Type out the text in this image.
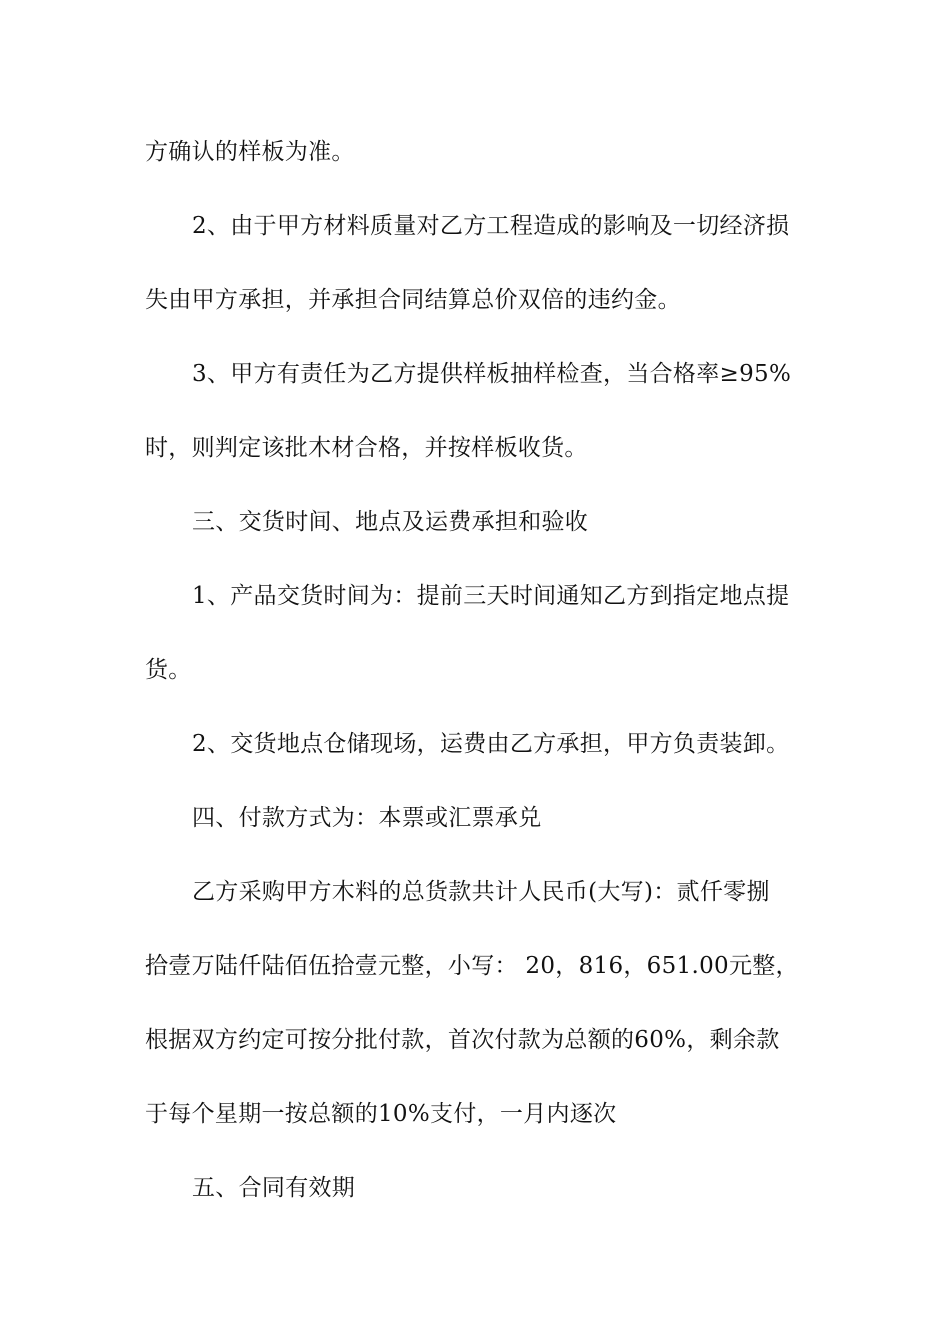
方确认的样板为准。
2、由于甲方材料质量对乙方工程造成的影响及一切经济损
失由甲方承担，并承担合同结算总价双倍的违约金。
3、甲方有责任为乙方提供样板抽样检查，当合格率≥95%
时，则判定该批木材合格，并按样板收货。
三、交货时间、地点及运费承担和验收
1、产品交货时间为：提前三天时间通知乙方到指定地点提
货。
2、交货地点仓储现场，运费由乙方承担，甲方负责装卸。
四、付款方式为：本票或汇票承兑
乙方采购甲方木料的总货款共计人民币(大写)：贰仟零捌
拾壹万陆仟陆佰伍拾壹元整，小写： 20，816，651.00元整，
根据双方约定可按分批付款，首次付款为总额的60%，剩余款
于每个星期一按总额的10%支付，一月内逐次
五、合同有效期
